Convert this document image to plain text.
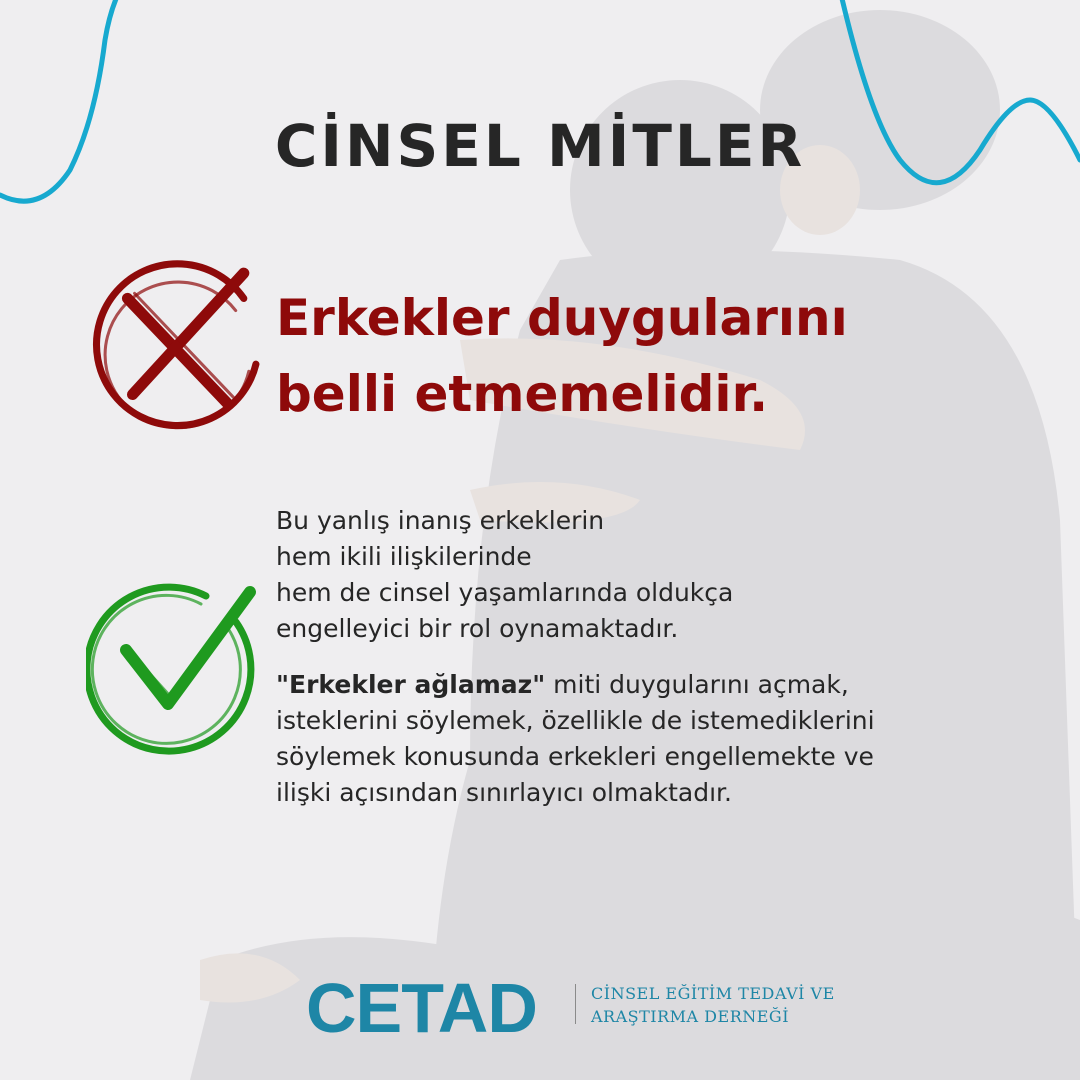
CİNSEL MİTLER
Erkekler duygularını
belli etmemelidir.
Bu yanlış inanış erkeklerin
hem ikili ilişkilerinde
hem de cinsel yaşamlarında oldukça
engelleyici bir rol oynamaktadır.
"Erkekler ağlamaz" miti duygularını açmak,
isteklerini söylemek, özellikle de istemediklerini
söylemek konusunda erkekleri engellemekte ve
ilişki açısından sınırlayıcı olmaktadır.
CETAD	CİNSEL EĞİTİM TEDAVİ VE
ARAŞTIRMA DERNEĞİ
